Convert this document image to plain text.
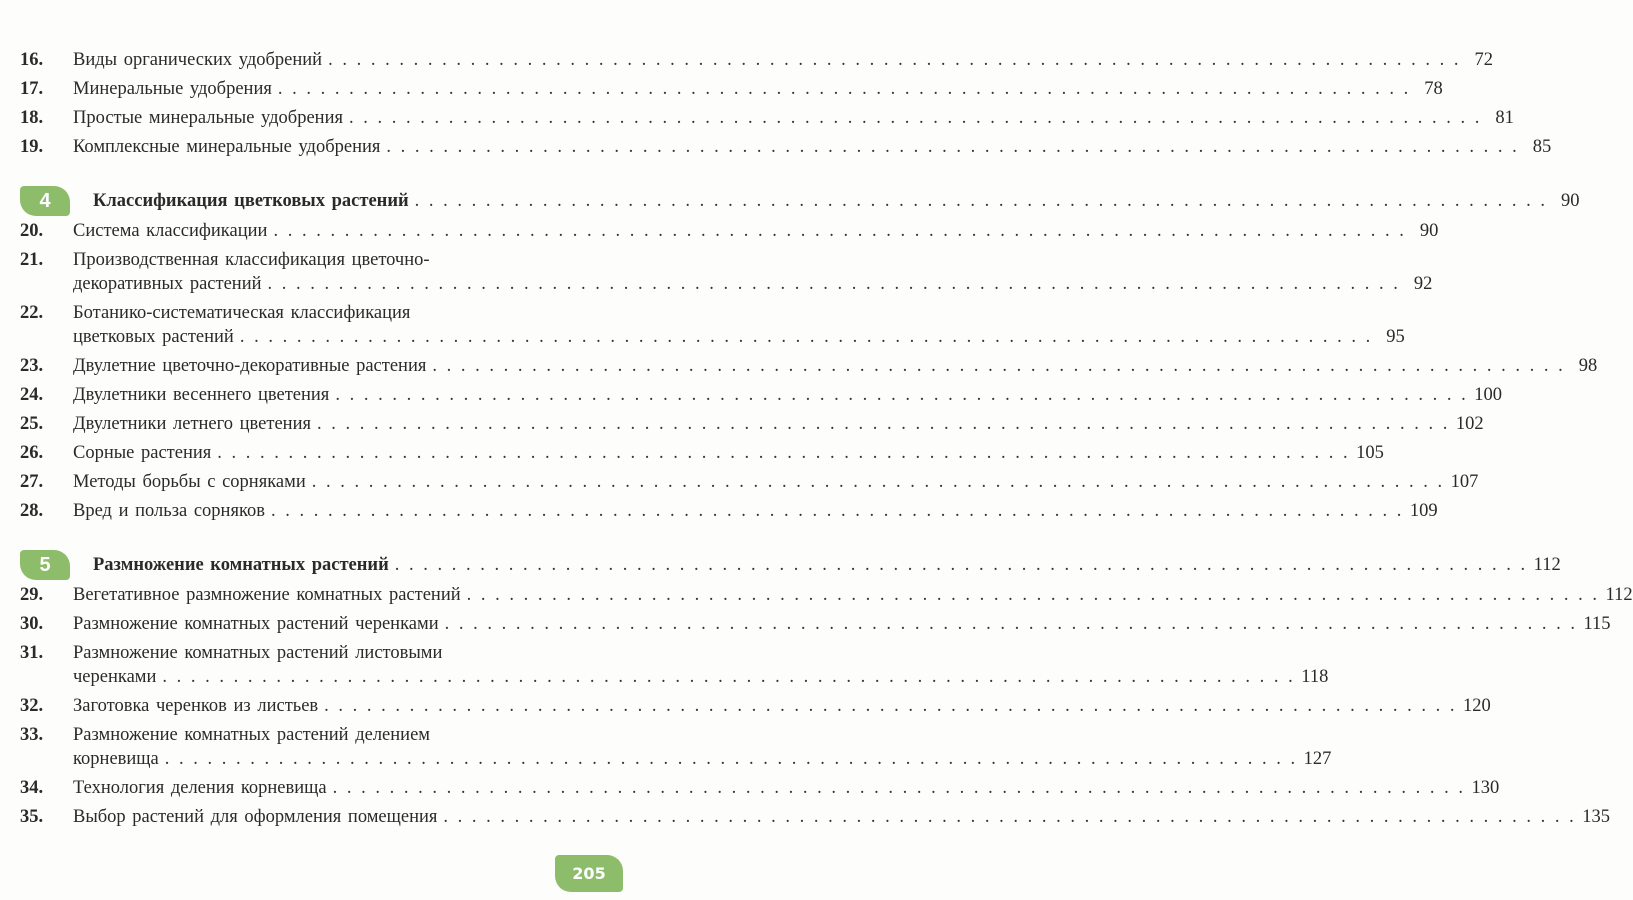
16.	Виды органических удобрений . . . . . . . . . . . . . . . . . . . . . . . . . . . . . . . . . . . . . . . . . . . . . . . . . . . . . . . . . . . . . . . . . . . . . . . . . . . . . . . . 72
17.	Минеральные удобрения . . . . . . . . . . . . . . . . . . . . . . . . . . . . . . . . . . . . . . . . . . . . . . . . . . . . . . . . . . . . . . . . . . . . . . . . . . . . . . . . 78
18.	Простые минеральные удобрения . . . . . . . . . . . . . . . . . . . . . . . . . . . . . . . . . . . . . . . . . . . . . . . . . . . . . . . . . . . . . . . . . . . . . . . . . . . . . . . . 81
19.	Комплексные минеральные удобрения . . . . . . . . . . . . . . . . . . . . . . . . . . . . . . . . . . . . . . . . . . . . . . . . . . . . . . . . . . . . . . . . . . . . . . . . . . . . . . . . 85
4	Классификация цветковых растений . . . . . . . . . . . . . . . . . . . . . . . . . . . . . . . . . . . . . . . . . . . . . . . . . . . . . . . . . . . . . . . . . . . . . . . . . . . . . . . . 90
20.	Система классификации . . . . . . . . . . . . . . . . . . . . . . . . . . . . . . . . . . . . . . . . . . . . . . . . . . . . . . . . . . . . . . . . . . . . . . . . . . . . . . . . 90
21.	Производственная классификация цветочно-
декоративных растений . . . . . . . . . . . . . . . . . . . . . . . . . . . . . . . . . . . . . . . . . . . . . . . . . . . . . . . . . . . . . . . . . . . . . . . . . . . . . . . . 92
22.	Ботанико-систематическая классификация
цветковых растений . . . . . . . . . . . . . . . . . . . . . . . . . . . . . . . . . . . . . . . . . . . . . . . . . . . . . . . . . . . . . . . . . . . . . . . . . . . . . . . . 95
23.	Двулетние цветочно-декоративные растения . . . . . . . . . . . . . . . . . . . . . . . . . . . . . . . . . . . . . . . . . . . . . . . . . . . . . . . . . . . . . . . . . . . . . . . . . . . . . . . . 98
24.	Двулетники весеннего цветения . . . . . . . . . . . . . . . . . . . . . . . . . . . . . . . . . . . . . . . . . . . . . . . . . . . . . . . . . . . . . . . . . . . . . . . . . . . . . . . . 100
25.	Двулетники летнего цветения . . . . . . . . . . . . . . . . . . . . . . . . . . . . . . . . . . . . . . . . . . . . . . . . . . . . . . . . . . . . . . . . . . . . . . . . . . . . . . . . 102
26.	Сорные растения . . . . . . . . . . . . . . . . . . . . . . . . . . . . . . . . . . . . . . . . . . . . . . . . . . . . . . . . . . . . . . . . . . . . . . . . . . . . . . . . 105
27.	Методы борьбы с сорняками . . . . . . . . . . . . . . . . . . . . . . . . . . . . . . . . . . . . . . . . . . . . . . . . . . . . . . . . . . . . . . . . . . . . . . . . . . . . . . . . 107
28.	Вред и польза сорняков . . . . . . . . . . . . . . . . . . . . . . . . . . . . . . . . . . . . . . . . . . . . . . . . . . . . . . . . . . . . . . . . . . . . . . . . . . . . . . . . 109
5	Размножение комнатных растений . . . . . . . . . . . . . . . . . . . . . . . . . . . . . . . . . . . . . . . . . . . . . . . . . . . . . . . . . . . . . . . . . . . . . . . . . . . . . . . . 112
29.	Вегетативное размножение комнатных растений . . . . . . . . . . . . . . . . . . . . . . . . . . . . . . . . . . . . . . . . . . . . . . . . . . . . . . . . . . . . . . . . . . . . . . . . . . . . . . . . 112
30.	Размножение комнатных растений черенками . . . . . . . . . . . . . . . . . . . . . . . . . . . . . . . . . . . . . . . . . . . . . . . . . . . . . . . . . . . . . . . . . . . . . . . . . . . . . . . . 115
31.	Размножение комнатных растений листовыми
черенками . . . . . . . . . . . . . . . . . . . . . . . . . . . . . . . . . . . . . . . . . . . . . . . . . . . . . . . . . . . . . . . . . . . . . . . . . . . . . . . . 118
32.	Заготовка черенков из листьев . . . . . . . . . . . . . . . . . . . . . . . . . . . . . . . . . . . . . . . . . . . . . . . . . . . . . . . . . . . . . . . . . . . . . . . . . . . . . . . . 120
33.	Размножение комнатных растений делением
корневища . . . . . . . . . . . . . . . . . . . . . . . . . . . . . . . . . . . . . . . . . . . . . . . . . . . . . . . . . . . . . . . . . . . . . . . . . . . . . . . . 127
34.	Технология деления корневища . . . . . . . . . . . . . . . . . . . . . . . . . . . . . . . . . . . . . . . . . . . . . . . . . . . . . . . . . . . . . . . . . . . . . . . . . . . . . . . . 130
35.	Выбор растений для оформления помещения . . . . . . . . . . . . . . . . . . . . . . . . . . . . . . . . . . . . . . . . . . . . . . . . . . . . . . . . . . . . . . . . . . . . . . . . . . . . . . . . 135
205
